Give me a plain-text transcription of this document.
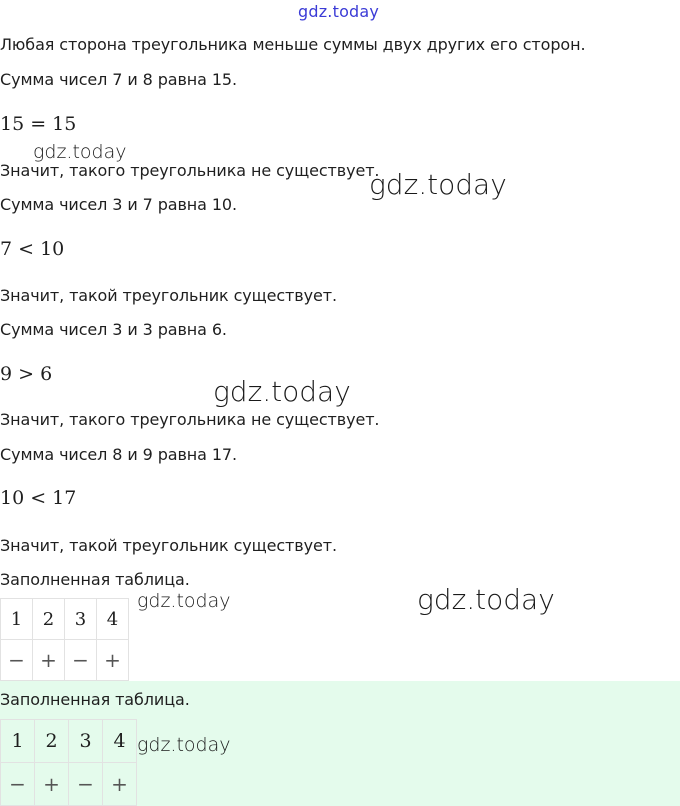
gdz.today
Любая сторона треугольника меньше суммы двух других его сторон.
Сумма чисел 7 и 8 равна 15.
15 = 15
gdz.today
Значит, такого треугольника не существует.
gdz.today
Сумма чисел 3 и 7 равна 10.
7 < 10
Значит, такой треугольник существует.
Сумма чисел 3 и 3 равна 6.
9 > 6
gdz.today
Значит, такого треугольника не существует.
Сумма чисел 8 и 9 равна 17.
10 < 17
Значит, такой треугольник существует.
Заполненная таблица.
1	2	3	4
−	+	−	+
gdz.today	gdz.today
Заполненная таблица.
1	2	3	4
−	+	−	+
gdz.today
